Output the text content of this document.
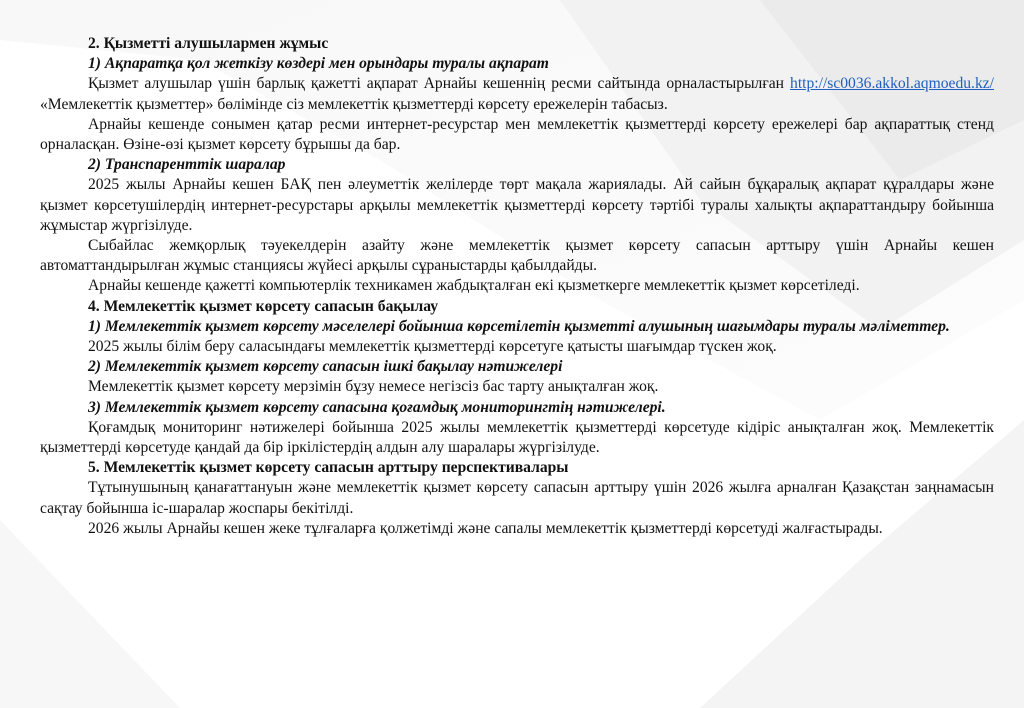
2. Қызметті алушылармен жұмыс

1) Ақпаратқа қол жеткізу көздері мен орындары туралы ақпарат

Қызмет алушылар үшін барлық қажетті ақпарат Арнайы кешеннің ресми сайтында орналастырылған http://sc0036.akkol.aqmoedu.kz/ «Мемлекеттік қызметтер» бөлімінде сіз мемлекеттік қызметтерді көрсету ережелерін табасыз.

Арнайы кешенде сонымен қатар ресми интернет-ресурстар мен мемлекеттік қызметтерді көрсету ережелері бар ақпараттық стенд орналасқан. Өзіне-өзі қызмет көрсету бұрышы да бар.

2) Транспаренттік шаралар

2025 жылы Арнайы кешен БАҚ пен әлеуметтік желілерде төрт мақала жариялады. Ай сайын бұқаралық ақпарат құралдары және қызмет көрсетушілердің интернет-ресурстары арқылы мемлекеттік қызметтерді көрсету тәртібі туралы халықты ақпараттандыру бойынша жұмыстар жүргізілуде.

Сыбайлас жемқорлық тәуекелдерін азайту және мемлекеттік қызмет көрсету сапасын арттыру үшін Арнайы кешен автоматтандырылған жұмыс станциясы жүйесі арқылы сұраныстарды қабылдайды.

Арнайы кешенде қажетті компьютерлік техникамен жабдықталған екі қызметкерге мемлекеттік қызмет көрсетіледі.

4. Мемлекеттік қызмет көрсету сапасын бақылау

1) Мемлекеттік қызмет көрсету мәселелері бойынша көрсетілетін қызметті алушының шағымдары туралы мәліметтер.

2025 жылы білім беру саласындағы мемлекеттік қызметтерді көрсетуге қатысты шағымдар түскен жоқ.

2) Мемлекеттік қызмет көрсету сапасын ішкі бақылау нәтижелері

Мемлекеттік қызмет көрсету мерзімін бұзу немесе негізсіз бас тарту анықталған жоқ.

3) Мемлекеттік қызмет көрсету сапасына қоғамдық мониторингтің нәтижелері.

Қоғамдық мониторинг нәтижелері бойынша 2025 жылы мемлекеттік қызметтерді көрсетуде кідіріс анықталған жоқ. Мемлекеттік қызметтерді көрсетуде қандай да бір іркілістердің алдын алу шаралары жүргізілуде.

5. Мемлекеттік қызмет көрсету сапасын арттыру перспективалары

Тұтынушының қанағаттануын және мемлекеттік қызмет көрсету сапасын арттыру үшін 2026 жылға арналған Қазақстан заңнамасын сақтау бойынша іс-шаралар жоспары бекітілді.

2026 жылы Арнайы кешен жеке тұлғаларға қолжетімді және сапалы мемлекеттік қызметтерді көрсетуді жалғастырады.
